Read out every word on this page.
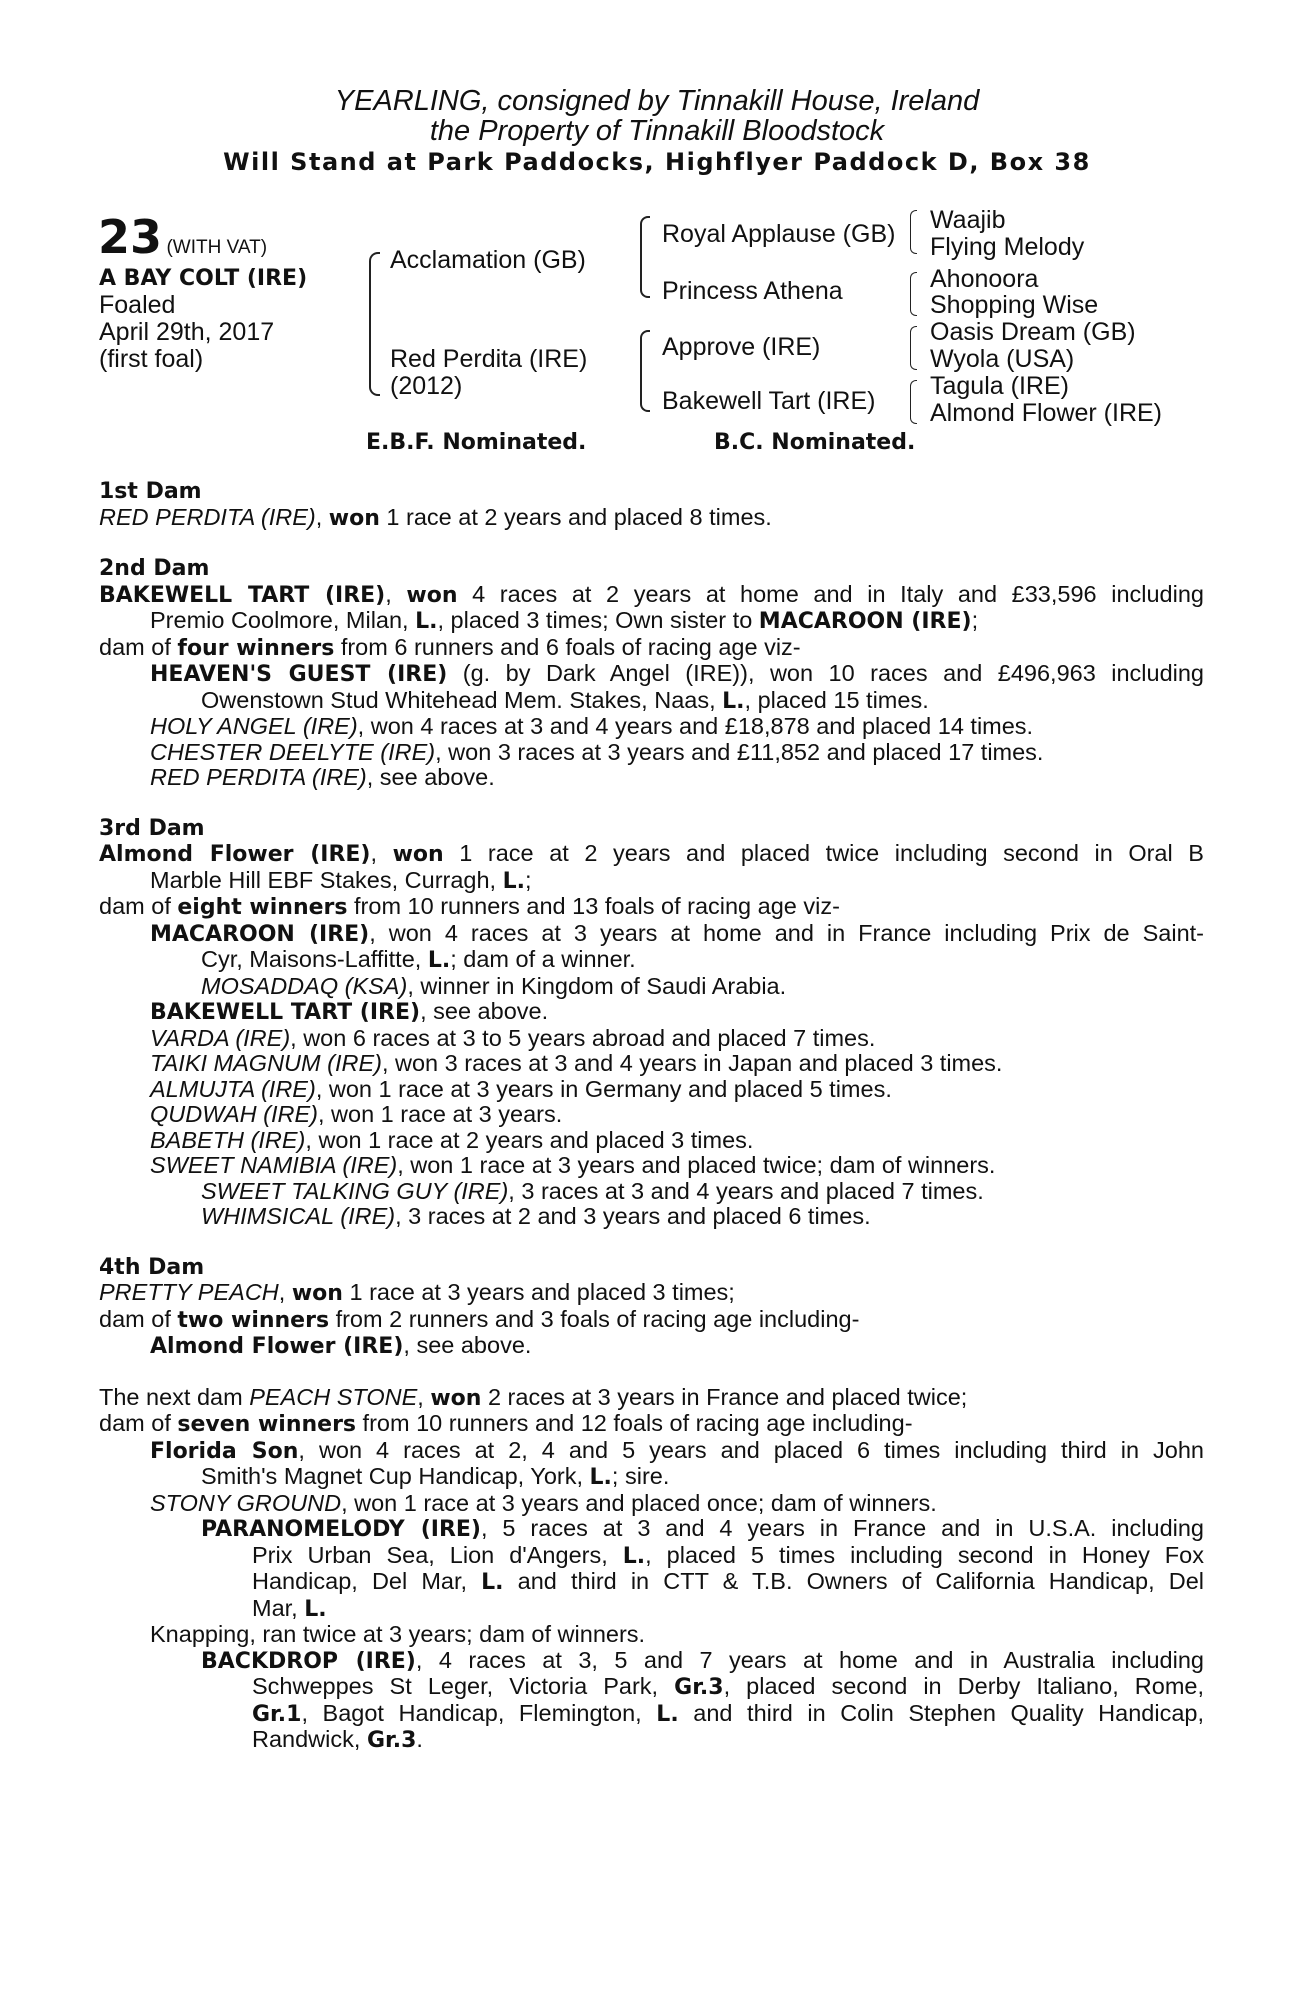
YEARLING, consigned by Tinnakill House, Ireland
the Property of Tinnakill Bloodstock
Will Stand at Park Paddocks, Highflyer Paddock D, Box 38
23 (WITH VAT)
A BAY COLT (IRE)
Foaled
April 29th, 2017
(first foal)
Acclamation (GB)
Red Perdita (IRE)
(2012)
Royal Applause (GB)
Princess Athena
Approve (IRE)
Bakewell Tart (IRE)
Waajib
Flying Melody
Ahonoora
Shopping Wise
Oasis Dream (GB)
Wyola (USA)
Tagula (IRE)
Almond Flower (IRE)
E.B.F. Nominated.	B.C. Nominated.
1st Dam
RED PERDITA (IRE), won 1 race at 2 years and placed 8 times.
2nd Dam
BAKEWELL TART (IRE), won 4 races at 2 years at home and in Italy and £33,596 including
Premio Coolmore, Milan, L., placed 3 times; Own sister to MACAROON (IRE);
dam of four winners from 6 runners and 6 foals of racing age viz-
HEAVEN'S GUEST (IRE) (g. by Dark Angel (IRE)), won 10 races and £496,963 including
Owenstown Stud Whitehead Mem. Stakes, Naas, L., placed 15 times.
HOLY ANGEL (IRE), won 4 races at 3 and 4 years and £18,878 and placed 14 times.
CHESTER DEELYTE (IRE), won 3 races at 3 years and £11,852 and placed 17 times.
RED PERDITA (IRE), see above.
3rd Dam
Almond Flower (IRE), won 1 race at 2 years and placed twice including second in Oral B
Marble Hill EBF Stakes, Curragh, L.;
dam of eight winners from 10 runners and 13 foals of racing age viz-
MACAROON (IRE), won 4 races at 3 years at home and in France including Prix de Saint-
Cyr, Maisons-Laffitte, L.; dam of a winner.
MOSADDAQ (KSA), winner in Kingdom of Saudi Arabia.
BAKEWELL TART (IRE), see above.
VARDA (IRE), won 6 races at 3 to 5 years abroad and placed 7 times.
TAIKI MAGNUM (IRE), won 3 races at 3 and 4 years in Japan and placed 3 times.
ALMUJTA (IRE), won 1 race at 3 years in Germany and placed 5 times.
QUDWAH (IRE), won 1 race at 3 years.
BABETH (IRE), won 1 race at 2 years and placed 3 times.
SWEET NAMIBIA (IRE), won 1 race at 3 years and placed twice; dam of winners.
SWEET TALKING GUY (IRE), 3 races at 3 and 4 years and placed 7 times.
WHIMSICAL (IRE), 3 races at 2 and 3 years and placed 6 times.
4th Dam
PRETTY PEACH, won 1 race at 3 years and placed 3 times;
dam of two winners from 2 runners and 3 foals of racing age including-
Almond Flower (IRE), see above.
The next dam PEACH STONE, won 2 races at 3 years in France and placed twice;
dam of seven winners from 10 runners and 12 foals of racing age including-
Florida Son, won 4 races at 2, 4 and 5 years and placed 6 times including third in John
Smith's Magnet Cup Handicap, York, L.; sire.
STONY GROUND, won 1 race at 3 years and placed once; dam of winners.
PARANOMELODY (IRE), 5 races at 3 and 4 years in France and in U.S.A. including
Prix Urban Sea, Lion d'Angers, L., placed 5 times including second in Honey Fox
Handicap, Del Mar, L. and third in CTT & T.B. Owners of California Handicap, Del
Mar, L.
Knapping, ran twice at 3 years; dam of winners.
BACKDROP (IRE), 4 races at 3, 5 and 7 years at home and in Australia including
Schweppes St Leger, Victoria Park, Gr.3, placed second in Derby Italiano, Rome,
Gr.1, Bagot Handicap, Flemington, L. and third in Colin Stephen Quality Handicap,
Randwick, Gr.3.
